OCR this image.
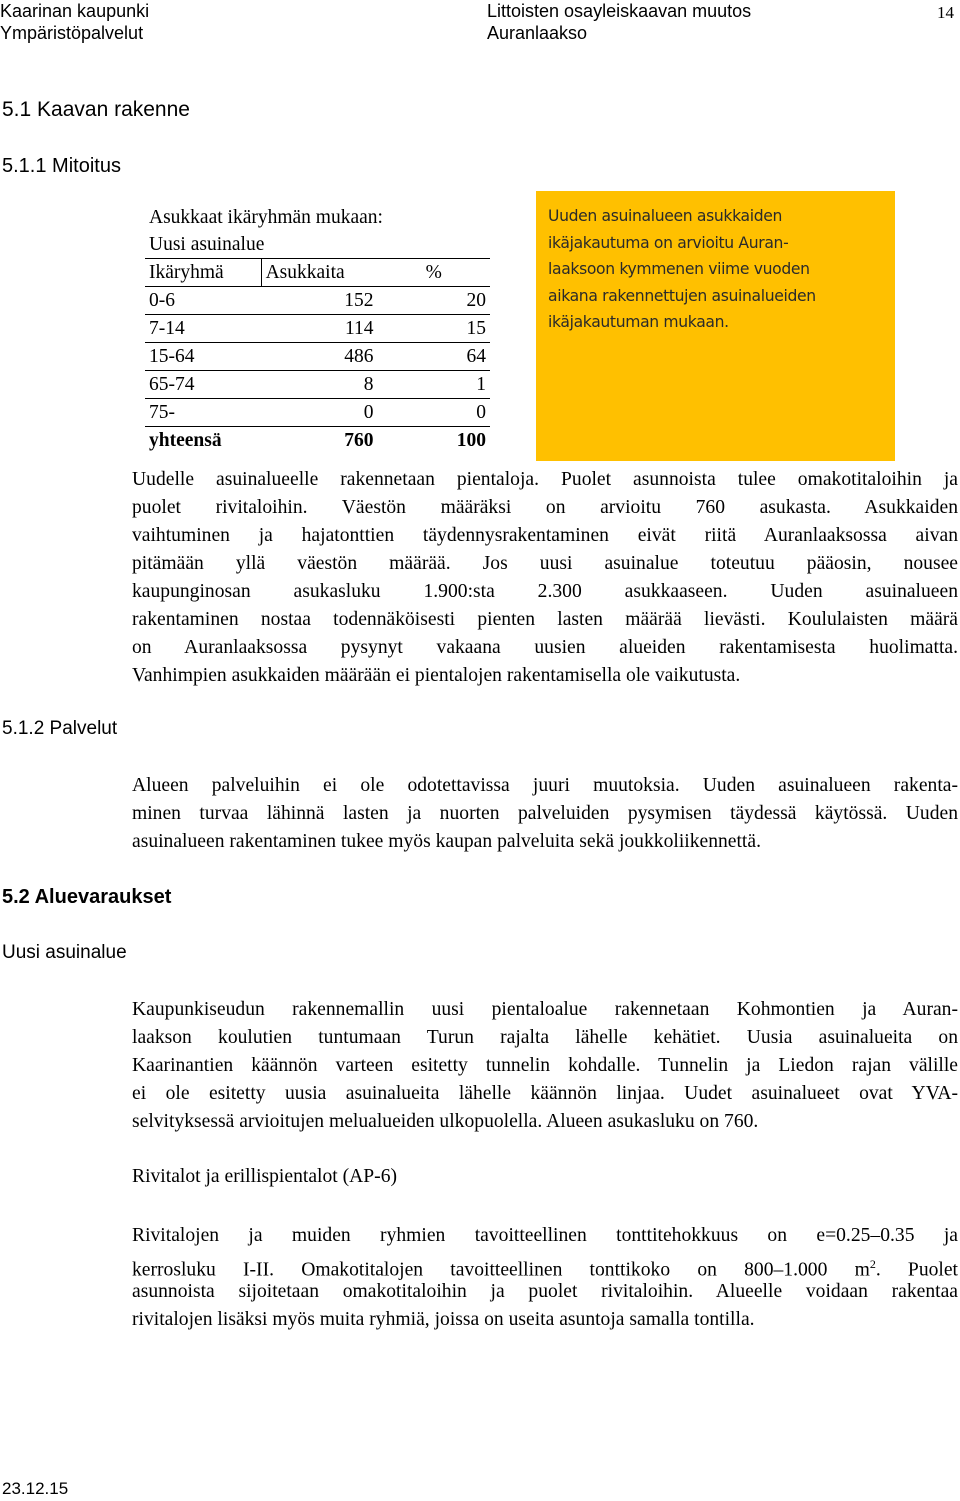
Kaarinan kaupunki
Ympäristöpalvelut
Littoisten osayleiskaavan muutos
Auranlaakso
14
5.1 Kaavan rakenne
5.1.1 Mitoitus
5.1.2 Palvelut
5.2 Aluevaraukset
Uusi asuinalue
Asukkaat ikäryhmän mukaan:		
Uusi asuinalue		
Ikäryhmä	Asukkaita	%
0-6	152	20
7-14	114	15
15-64	486	64
65-74	8	1
75-	0	0
yhteensä	760	100
Uuden asuinalueen asukkaiden
ikäjakautuma on arvioitu Auran-
laaksoon kymmenen viime vuoden
aikana rakennettujen asuinalueiden
ikäjakautuman mukaan.
Uudelle asuinalueelle rakennetaan pientaloja. Puolet asunnoista tulee omakotitaloihin ja
puolet rivitaloihin. Väestön määräksi on arvioitu 760 asukasta. Asukkaiden
vaihtuminen ja hajatonttien täydennysrakentaminen eivät riitä Auranlaaksossa aivan
pitämään yllä väestön määrää. Jos uusi asuinalue toteutuu pääosin, nousee
kaupunginosan asukasluku 1.900:sta 2.300 asukkaaseen. Uuden asuinalueen
rakentaminen nostaa todennäköisesti pienten lasten määrää lievästi. Koululaisten määrä
on Auranlaaksossa pysynyt vakaana uusien alueiden rakentamisesta huolimatta.
Vanhimpien asukkaiden määrään ei pientalojen rakentamisella ole vaikutusta.
Alueen palveluihin ei ole odotettavissa juuri muutoksia. Uuden asuinalueen rakenta-
minen turvaa lähinnä lasten ja nuorten palveluiden pysymisen täydessä käytössä. Uuden
asuinalueen rakentaminen tukee myös kaupan palveluita sekä joukkoliikennettä.
Kaupunkiseudun rakennemallin uusi pientaloalue rakennetaan Kohmontien ja Auran-
laakson koulutien tuntumaan Turun rajalta lähelle kehätiet. Uusia asuinalueita on
Kaarinantien käännön varteen esitetty tunnelin kohdalle. Tunnelin ja Liedon rajan välille
ei ole esitetty uusia asuinalueita lähelle käännön linjaa. Uudet asuinalueet ovat YVA-
selvityksessä arvioitujen melualueiden ulkopuolella. Alueen asukasluku on 760.
Rivitalot ja erillispientalot (AP-6)
Rivitalojen ja muiden ryhmien tavoitteellinen tonttitehokkuus on e=0.25–0.35 ja
kerrosluku I-II. Omakotitalojen tavoitteellinen tonttikoko on 800–1.000 $m^2$. Puolet
asunnoista sijoitetaan omakotitaloihin ja puolet rivitaloihin. Alueelle voidaan rakentaa
rivitalojen lisäksi myös muita ryhmiä, joissa on useita asuntoja samalla tontilla.
23.12.15
